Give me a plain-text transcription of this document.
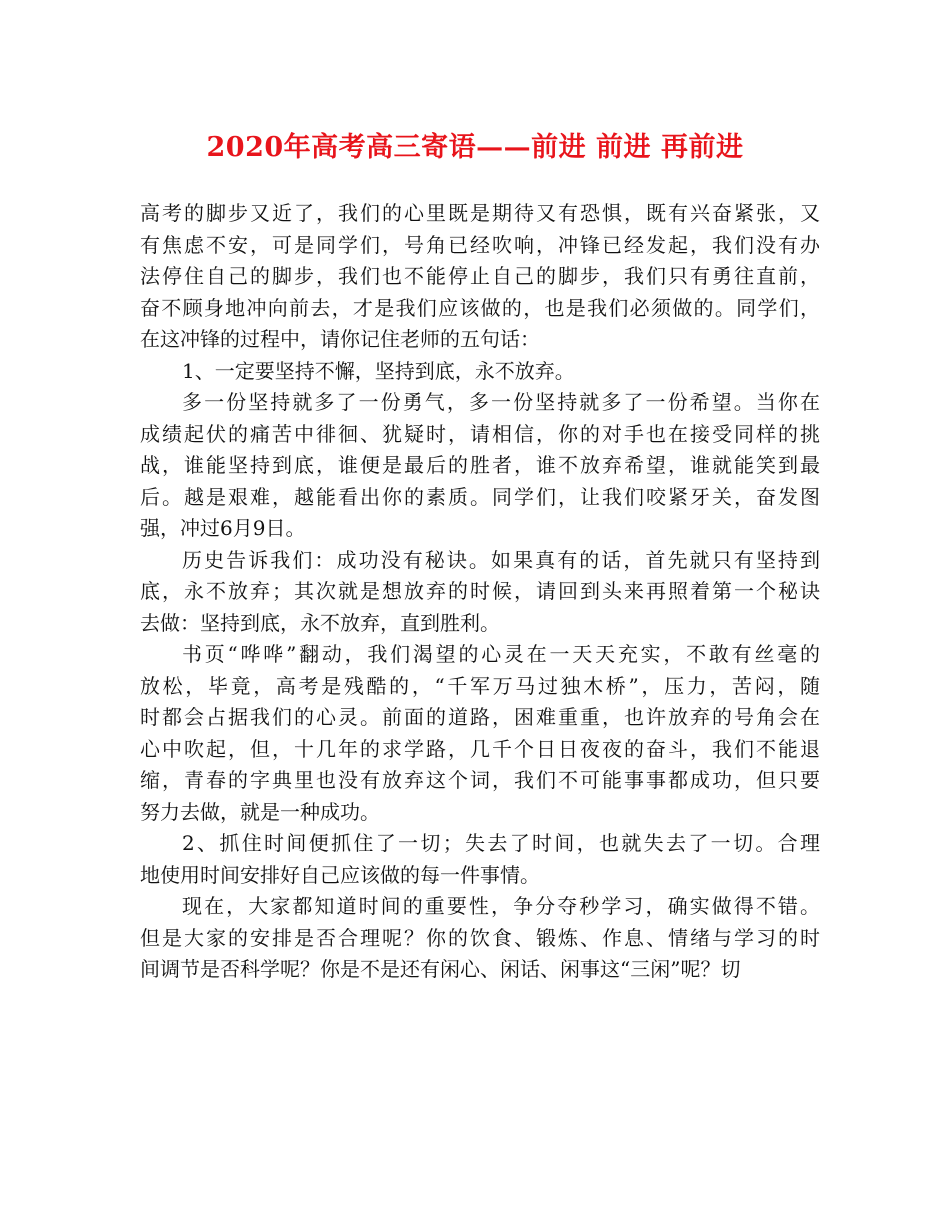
2020年高考高三寄语——前进 前进 再前进
高考的脚步又近了，我们的心里既是期待又有恐惧，既有兴奋紧张，又
有焦虑不安，可是同学们，号角已经吹响，冲锋已经发起，我们没有办
法停住自己的脚步，我们也不能停止自己的脚步，我们只有勇往直前，
奋不顾身地冲向前去，才是我们应该做的，也是我们必须做的。同学们，
在这冲锋的过程中，请你记住老师的五句话：
1、一定要坚持不懈，坚持到底，永不放弃。
多一份坚持就多了一份勇气，多一份坚持就多了一份希望。当你在
成绩起伏的痛苦中徘徊、犹疑时，请相信，你的对手也在接受同样的挑
战，谁能坚持到底，谁便是最后的胜者，谁不放弃希望，谁就能笑到最
后。越是艰难，越能看出你的素质。同学们，让我们咬紧牙关，奋发图
强，冲过6月9日。
历史告诉我们：成功没有秘诀。如果真有的话，首先就只有坚持到
底，永不放弃；其次就是想放弃的时候，请回到头来再照着第一个秘诀
去做：坚持到底，永不放弃，直到胜利。
书页“哗哗”翻动，我们渴望的心灵在一天天充实，不敢有丝毫的
放松，毕竟，高考是残酷的，“千军万马过独木桥”，压力，苦闷，随
时都会占据我们的心灵。前面的道路，困难重重，也许放弃的号角会在
心中吹起，但，十几年的求学路，几千个日日夜夜的奋斗，我们不能退
缩，青春的字典里也没有放弃这个词，我们不可能事事都成功，但只要
努力去做，就是一种成功。
2、抓住时间便抓住了一切；失去了时间，也就失去了一切。合理
地使用时间安排好自己应该做的每一件事情。
现在，大家都知道时间的重要性，争分夺秒学习，确实做得不错。
但是大家的安排是否合理呢？你的饮食、锻炼、作息、情绪与学习的时
间调节是否科学呢？你是不是还有闲心、闲话、闲事这“三闲”呢？切
